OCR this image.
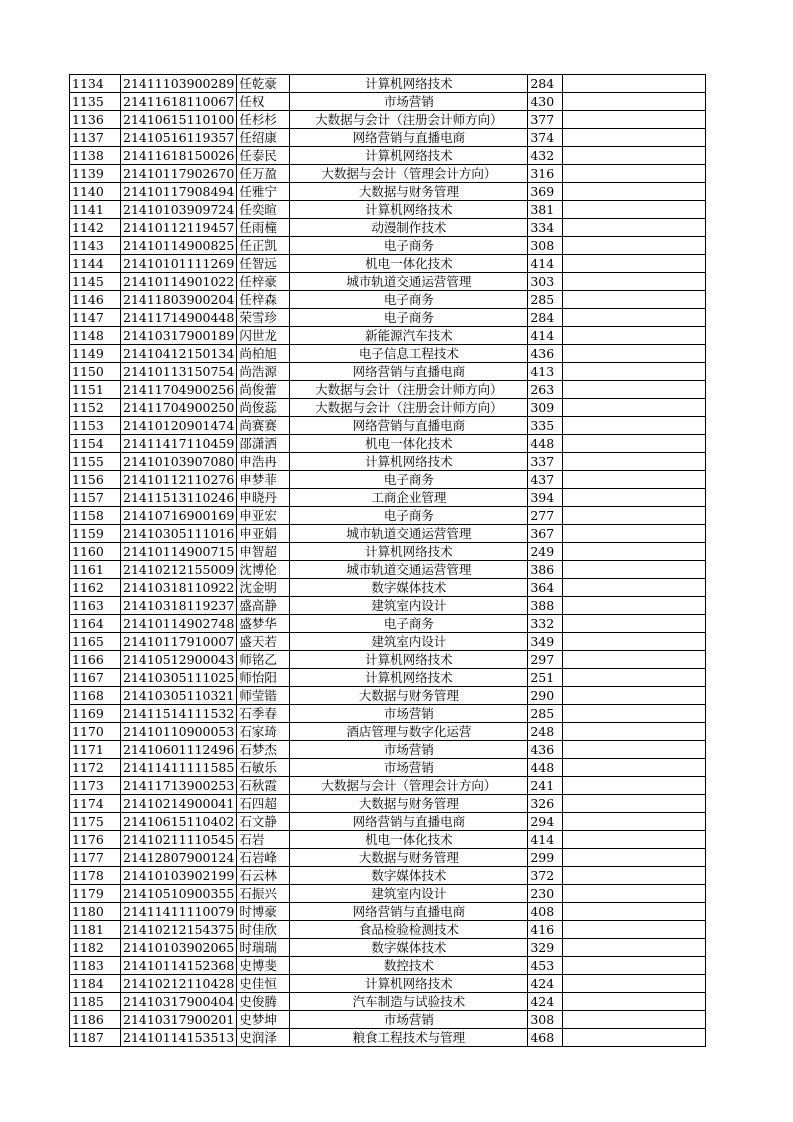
1134	21411103900289	任乾豪	计算机网络技术	284	
1135	21411618110067	任权	市场营销	430	
1136	21410615110100	任杉杉	大数据与会计（注册会计师方向）	377	
1137	21410516119357	任绍康	网络营销与直播电商	374	
1138	21411618150026	任泰民	计算机网络技术	432	
1139	21410117902670	任万盈	大数据与会计（管理会计方向）	316	
1140	21410117908494	任雅宁	大数据与财务管理	369	
1141	21410103909724	任奕暄	计算机网络技术	381	
1142	21410112119457	任雨橦	动漫制作技术	334	
1143	21410114900825	任正凯	电子商务	308	
1144	21410101111269	任智远	机电一体化技术	414	
1145	21410114901022	任梓豪	城市轨道交通运营管理	303	
1146	21411803900204	任梓森	电子商务	285	
1147	21411714900448	荣雪珍	电子商务	284	
1148	21410317900189	闪世龙	新能源汽车技术	414	
1149	21410412150134	尚柏旭	电子信息工程技术	436	
1150	21410113150754	尚浩源	网络营销与直播电商	413	
1151	21411704900256	尚俊蕾	大数据与会计（注册会计师方向）	263	
1152	21411704900250	尚俊蕊	大数据与会计（注册会计师方向）	309	
1153	21410120901474	尚赛赛	网络营销与直播电商	335	
1154	21411417110459	邵潇洒	机电一体化技术	448	
1155	21410103907080	申浩冉	计算机网络技术	337	
1156	21410112110276	申梦菲	电子商务	437	
1157	21411513110246	申晓丹	工商企业管理	394	
1158	21410716900169	申亚宏	电子商务	277	
1159	21410305111016	申亚娟	城市轨道交通运营管理	367	
1160	21410114900715	申智超	计算机网络技术	249	
1161	21410212155009	沈博伦	城市轨道交通运营管理	386	
1162	21410318110922	沈金明	数字媒体技术	364	
1163	21410318119237	盛高静	建筑室内设计	388	
1164	21410114902748	盛梦华	电子商务	332	
1165	21410117910007	盛天若	建筑室内设计	349	
1166	21410512900043	师铭乙	计算机网络技术	297	
1167	21410305111025	师怡阳	计算机网络技术	251	
1168	21410305110321	师莹锴	大数据与财务管理	290	
1169	21411514111532	石季春	市场营销	285	
1170	21410110900053	石家琦	酒店管理与数字化运营	248	
1171	21410601112496	石梦杰	市场营销	436	
1172	21411411111585	石敏乐	市场营销	448	
1173	21411713900253	石秋霞	大数据与会计（管理会计方向）	241	
1174	21410214900041	石四超	大数据与财务管理	326	
1175	21410615110402	石文静	网络营销与直播电商	294	
1176	21410211110545	石岩	机电一体化技术	414	
1177	21412807900124	石岩峰	大数据与财务管理	299	
1178	21410103902199	石云林	数字媒体技术	372	
1179	21410510900355	石振兴	建筑室内设计	230	
1180	21411411110079	时博豪	网络营销与直播电商	408	
1181	21410212154375	时佳欣	食品检验检测技术	416	
1182	21410103902065	时瑞瑞	数字媒体技术	329	
1183	21410114152368	史博斐	数控技术	453	
1184	21410212110428	史佳恒	计算机网络技术	424	
1185	21410317900404	史俊腾	汽车制造与试验技术	424	
1186	21410317900201	史梦坤	市场营销	308	
1187	21410114153513	史润泽	粮食工程技术与管理	468	
